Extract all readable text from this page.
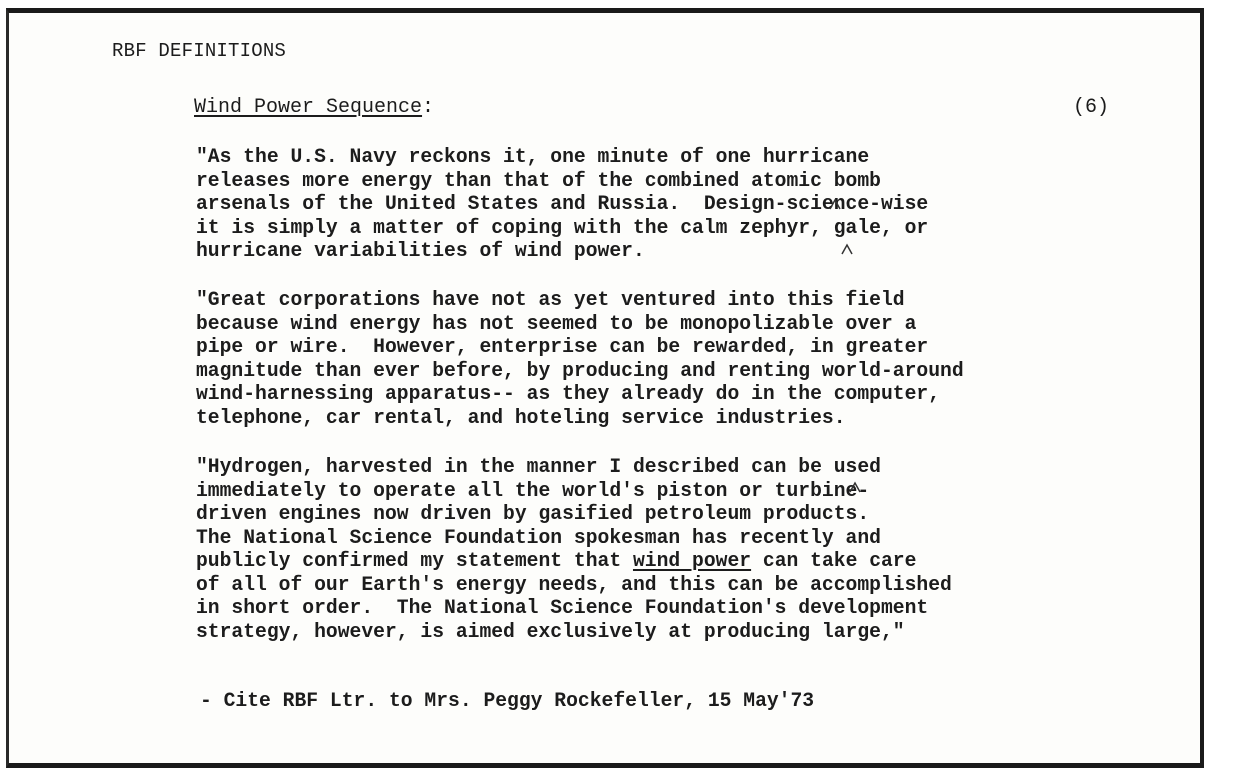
RBF DEFINITIONS
Wind Power Sequence:	(6)
"As the U.S. Navy reckons it, one minute of one hurricane
releases more energy than that of the combined atomic bomb
arsenals of the United States and Russia.  Design-science-wise
it is simply a matter of coping with the calm zephyr, gale, or
hurricane variabilities of wind power.
"Great corporations have not as yet ventured into this field
because wind energy has not seemed to be monopolizable over a
pipe or wire.  However, enterprise can be rewarded, in greater
magnitude than ever before, by producing and renting world-around
wind-harnessing apparatus-- as they already do in the computer,
telephone, car rental, and hoteling service industries.
"Hydrogen, harvested in the manner I described can be used
immediately to operate all the world's piston or turbine-
driven engines now driven by gasified petroleum products.
The National Science Foundation spokesman has recently and
publicly confirmed my statement that wind power can take care
of all of our Earth's energy needs, and this can be accomplished
in short order.  The National Science Foundation's development
strategy, however, is aimed exclusively at producing large,"
- Cite RBF Ltr. to Mrs. Peggy Rockefeller, 15 May'73
